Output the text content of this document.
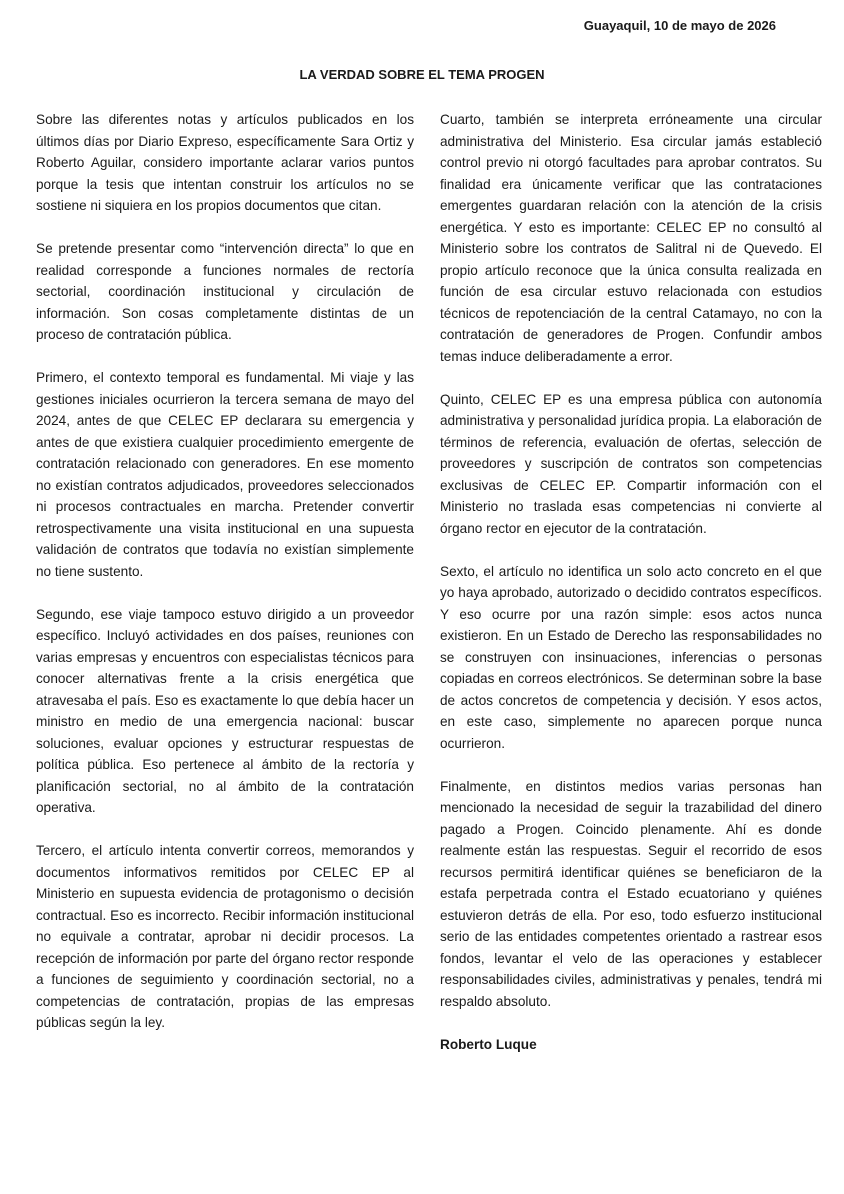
Guayaquil, 10 de mayo de 2026
LA VERDAD SOBRE EL TEMA PROGEN

Sobre las diferentes notas y artículos publicados en los últimos días por Diario Expreso, específicamente Sara Ortiz y Roberto Aguilar, considero importante aclarar varios puntos porque la tesis que intentan construir los artículos no se sostiene ni siquiera en los propios documentos que citan.

Se pretende presentar como “intervención directa” lo que en realidad corresponde a funciones normales de rectoría sectorial, coordinación institucional y circulación de información. Son cosas completamente distintas de un proceso de contratación pública.

Primero, el contexto temporal es fundamental. Mi viaje y las gestiones iniciales ocurrieron la tercera semana de mayo del 2024, antes de que CELEC EP declarara su emergencia y antes de que existiera cualquier procedimiento emergente de contratación relacionado con generadores. En ese momento no existían contratos adjudicados, proveedores seleccionados ni procesos contractuales en marcha. Pretender convertir retrospectivamente una visita institucional en una supuesta validación de contratos que todavía no existían simplemente no tiene sustento.

Segundo, ese viaje tampoco estuvo dirigido a un proveedor específico. Incluyó actividades en dos países, reuniones con varias empresas y encuentros con especialistas técnicos para conocer alternativas frente a la crisis energética que atravesaba el país. Eso es exactamente lo que debía hacer un ministro en medio de una emergencia nacional: buscar soluciones, evaluar opciones y estructurar respuestas de política pública. Eso pertenece al ámbito de la rectoría y planificación sectorial, no al ámbito de la contratación operativa.

Tercero, el artículo intenta convertir correos, memorandos y documentos informativos remitidos por CELEC EP al Ministerio en supuesta evidencia de protagonismo o decisión contractual. Eso es incorrecto. Recibir información institucional no equivale a contratar, aprobar ni decidir procesos. La recepción de información por parte del órgano rector responde a funciones de seguimiento y coordinación sectorial, no a competencias de contratación, propias de las empresas públicas según la ley.

Cuarto, también se interpreta erróneamente una circular administrativa del Ministerio. Esa circular jamás estableció control previo ni otorgó facultades para aprobar contratos. Su finalidad era únicamente verificar que las contrataciones emergentes guardaran relación con la atención de la crisis energética. Y esto es importante: CELEC EP no consultó al Ministerio sobre los contratos de Salitral ni de Quevedo. El propio artículo reconoce que la única consulta realizada en función de esa circular estuvo relacionada con estudios técnicos de repotenciación de la central Catamayo, no con la contratación de generadores de Progen. Confundir ambos temas induce deliberadamente a error.

Quinto, CELEC EP es una empresa pública con autonomía administrativa y personalidad jurídica propia. La elaboración de términos de referencia, evaluación de ofertas, selección de proveedores y suscripción de contratos son competencias exclusivas de CELEC EP. Compartir información con el Ministerio no traslada esas competencias ni convierte al órgano rector en ejecutor de la contratación.

Sexto, el artículo no identifica un solo acto concreto en el que yo haya aprobado, autorizado o decidido contratos específicos. Y eso ocurre por una razón simple: esos actos nunca existieron. En un Estado de Derecho las responsabilidades no se construyen con insinuaciones, inferencias o personas copiadas en correos electrónicos. Se determinan sobre la base de actos concretos de competencia y decisión. Y esos actos, en este caso, simplemente no aparecen porque nunca ocurrieron.

Finalmente, en distintos medios varias personas han mencionado la necesidad de seguir la trazabilidad del dinero pagado a Progen. Coincido plenamente. Ahí es donde realmente están las respuestas. Seguir el recorrido de esos recursos permitirá identificar quiénes se beneficiaron de la estafa perpetrada contra el Estado ecuatoriano y quiénes estuvieron detrás de ella. Por eso, todo esfuerzo institucional serio de las entidades competentes orientado a rastrear esos fondos, levantar el velo de las operaciones y establecer responsabilidades civiles, administrativas y penales, tendrá mi respaldo absoluto.

Roberto Luque
